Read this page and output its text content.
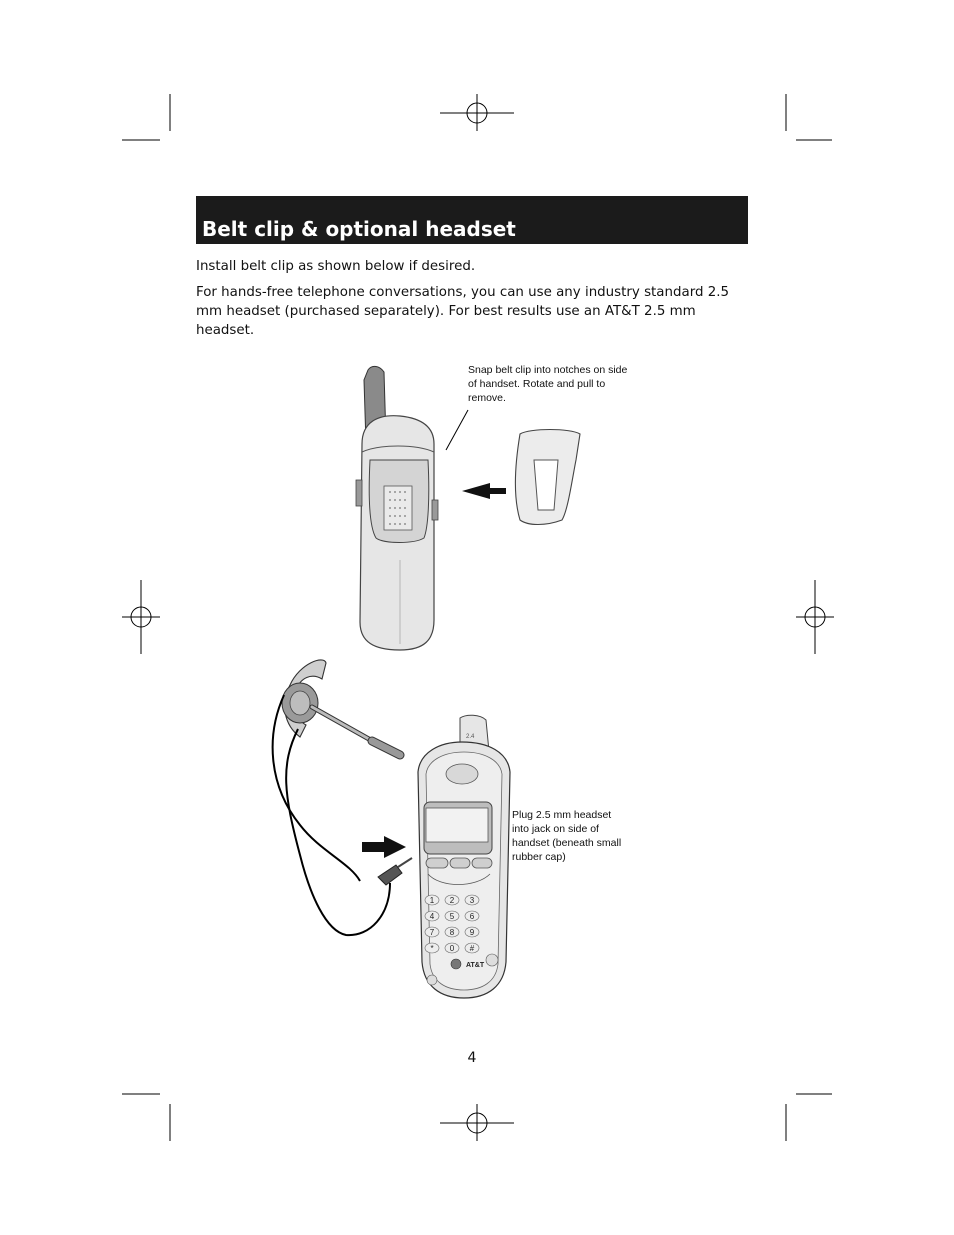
Belt clip & optional headset
Install belt clip as shown below if desired.
For hands-free telephone conversations, you can use any industry standard 2.5 mm headset (purchased separately). For best results use an AT&T 2.5 mm headset.
Snap belt clip into notches on side of handset. Rotate and pull to remove.
2.4
1 2 3
4 5 6
7 8 9
* 0 #
AT&T
Plug 2.5 mm headset into jack on side of handset (beneath small rubber cap)
4
